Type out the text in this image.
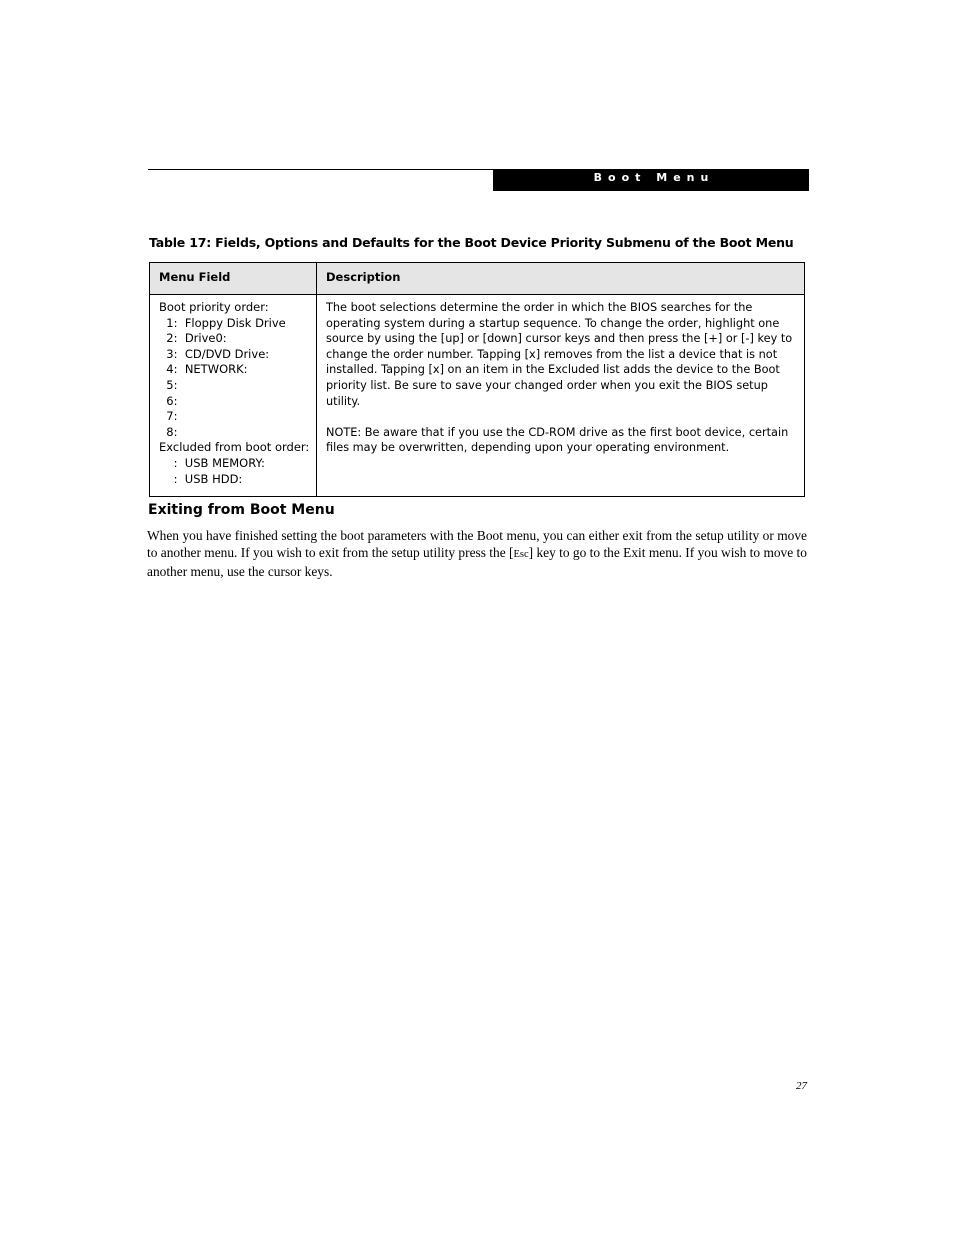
Boot Menu
Table 17: Fields, Options and Defaults for the Boot Device Priority Submenu of the Boot Menu
Menu Field	Description
Boot priority order:
1:  Floppy Disk Drive
2:  Drive0:
3:  CD/DVD Drive:
4:  NETWORK:
5:
6:
7:
8:
Excluded from boot order:
:  USB MEMORY:
:  USB HDD:

The boot selections determine the order in which the BIOS searches for the operating system during a startup sequence. To change the order, highlight one source by using the [up] or [down] cursor keys and then press the [+] or [-] key to change the order number. Tapping [x] removes from the list a device that is not installed. Tapping [x] on an item in the Excluded list adds the device to the Boot priority list. Be sure to save your changed order when you exit the BIOS setup utility.

NOTE: Be aware that if you use the CD-ROM drive as the first boot device, certain files may be overwritten, depending upon your operating environment.

Exiting from Boot Menu
When you have finished setting the boot parameters with the Boot menu, you can either exit from the setup utility or move to another menu. If you wish to exit from the setup utility press the [Esc] key to go to the Exit menu. If you wish to move to another menu, use the cursor keys.
27
